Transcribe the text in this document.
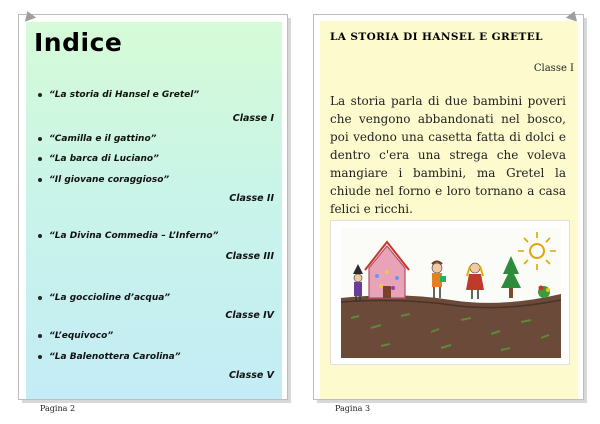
Indice
“La storia di Hansel e Gretel”
Classe I
“Camilla e il gattino”
“La barca di Luciano”
“Il giovane coraggioso”
Classe II
“La Divina Commedia – L’Inferno”
Classe III
“La goccioline d’acqua”
Classe IV
“L’equivoco”
“La Balenottera Carolina”
Classe V
LA STORIA DI HANSEL E GRETEL
Classe I
La storia parla di due bambini poveri che vengono abbandonati nel bosco, poi vedono una casetta fatta di dolci e dentro c'era una strega che voleva mangiare i bambini, ma Gretel la chiude nel forno e loro tornano a casa felici e ricchi.
Pagina 2	Pagina 3
